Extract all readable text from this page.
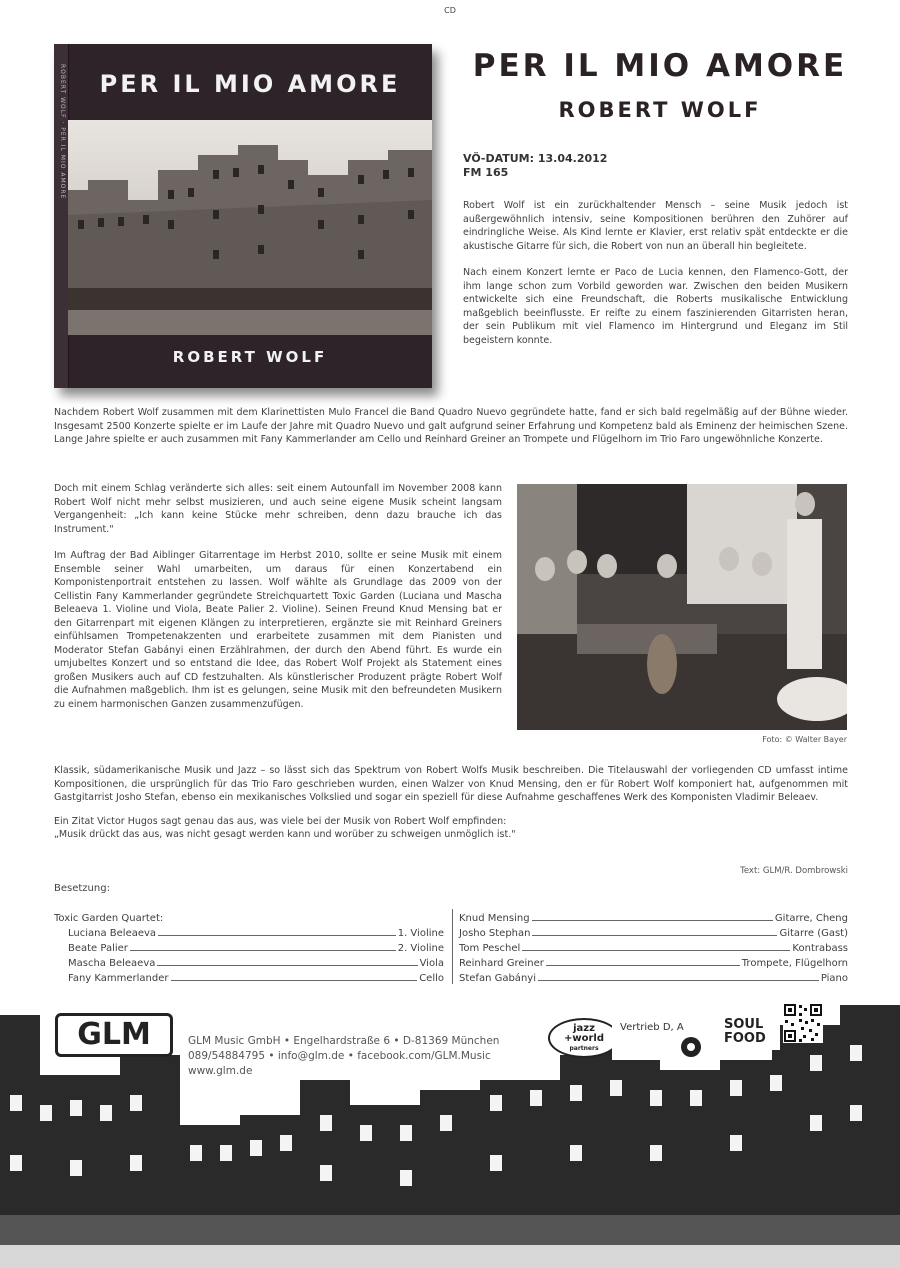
CD
ROBERT WOLF · PER IL MIO AMORE	PER IL MIO AMORE
ROBERT WOLF
PER IL MIO AMORE
ROBERT WOLF
VÖ-DATUM: 13.04.2012
FM 165

Robert Wolf ist ein zurückhaltender Mensch – seine Musik jedoch ist außergewöhnlich intensiv, seine Kompositionen berühren den Zuhörer auf eindringliche Weise. Als Kind lernte er Klavier, erst relativ spät entdeckte er die akustische Gitarre für sich, die Robert von nun an überall hin begleitete.

Nach einem Konzert lernte er Paco de Lucia kennen, den Flamenco-Gott, der ihm lange schon zum Vorbild geworden war. Zwischen den beiden Musikern entwickelte sich eine Freundschaft, die Roberts musikalische Entwicklung maßgeblich beeinflusste. Er reifte zu einem faszinierenden Gitarristen heran, der sein Publikum mit viel Flamenco im Hintergrund und Eleganz im Stil begeistern konnte.

Nachdem Robert Wolf zusammen mit dem Klarinettisten Mulo Francel die Band Quadro Nuevo gegründete hatte, fand er sich bald regelmäßig auf der Bühne wieder. Insgesamt 2500 Konzerte spielte er im Laufe der Jahre mit Quadro Nuevo und galt aufgrund seiner Erfahrung und Kompetenz bald als Eminenz der heimischen Szene. Lange Jahre spielte er auch zusammen mit Fany Kammerlander am Cello und Reinhard Greiner an Trompete und Flügelhorn im Trio Faro ungewöhnliche Konzerte.

Doch mit einem Schlag veränderte sich alles: seit einem Autounfall im November 2008 kann Robert Wolf nicht mehr selbst musizieren, und auch seine eigene Musik scheint langsam Vergangenheit: „Ich kann keine Stücke mehr schreiben, denn dazu brauche ich das Instrument."

Im Auftrag der Bad Aiblinger Gitarrentage im Herbst 2010, sollte er seine Musik mit einem Ensemble seiner Wahl umarbeiten, um daraus für einen Konzertabend ein Komponistenportrait entstehen zu lassen. Wolf wählte als Grundlage das 2009 von der Cellistin Fany Kammerlander gegründete Streichquartett Toxic Garden (Luciana und Mascha Beleaeva 1. Violine und Viola, Beate Palier 2. Violine). Seinen Freund Knud Mensing bat er den Gitarrenpart mit eigenen Klängen zu interpretieren, ergänzte sie mit Reinhard Greiners einfühlsamen Trompetenakzenten und erarbeitete zusammen mit dem Pianisten und Moderator Stefan Gabányi einen Erzählrahmen, der durch den Abend führt. Es wurde ein umjubeltes Konzert und so entstand die Idee, das Robert Wolf Projekt als Statement eines großen Musikers auch auf CD festzuhalten. Als künstlerischer Produzent prägte Robert Wolf die Aufnahmen maßgeblich. Ihm ist es gelungen, seine Musik mit den befreundeten Musikern zu einem harmonischen Ganzen zusammenzufügen.

Foto: © Walter Bayer

Klassik, südamerikanische Musik und Jazz – so lässt sich das Spektrum von Robert Wolfs Musik beschreiben. Die Titelauswahl der vorliegenden CD umfasst intime Kompositionen, die ursprünglich für das Trio Faro geschrieben wurden, einen Walzer von Knud Mensing, den er für Robert Wolf komponiert hat, aufgenommen mit Gastgitarrist Josho Stefan, ebenso ein mexikanisches Volkslied und sogar ein speziell für diese Aufnahme geschaffenes Werk des Komponisten Vladimir Beleaev.

Ein Zitat Victor Hugos sagt genau das aus, was viele bei der Musik von Robert Wolf empfinden:

„Musik drückt das aus, was nicht gesagt werden kann und worüber zu schweigen unmöglich ist."

Text: GLM/R. Dombrowski
Besetzung:
Toxic Garden Quartet:
Luciana Beleaeva	1. Violine
Beate Palier	2. Violine
Mascha Beleaeva	Viola
Fany Kammerlander	Cello
Knud Mensing	Gitarre, Cheng
Josho Stephan	Gitarre (Gast)
Tom Peschel	Kontrabass
Reinhard Greiner	Trompete, Flügelhorn
Stefan Gabányi	Piano
GLM	GLM Music GmbH • Engelhardstraße 6 • D-81369 München
089/54884795 • info@glm.de • facebook.com/GLM.Music
www.glm.de
jazz
+world
partners
Vertrieb D, A	SOUL
FOOD
